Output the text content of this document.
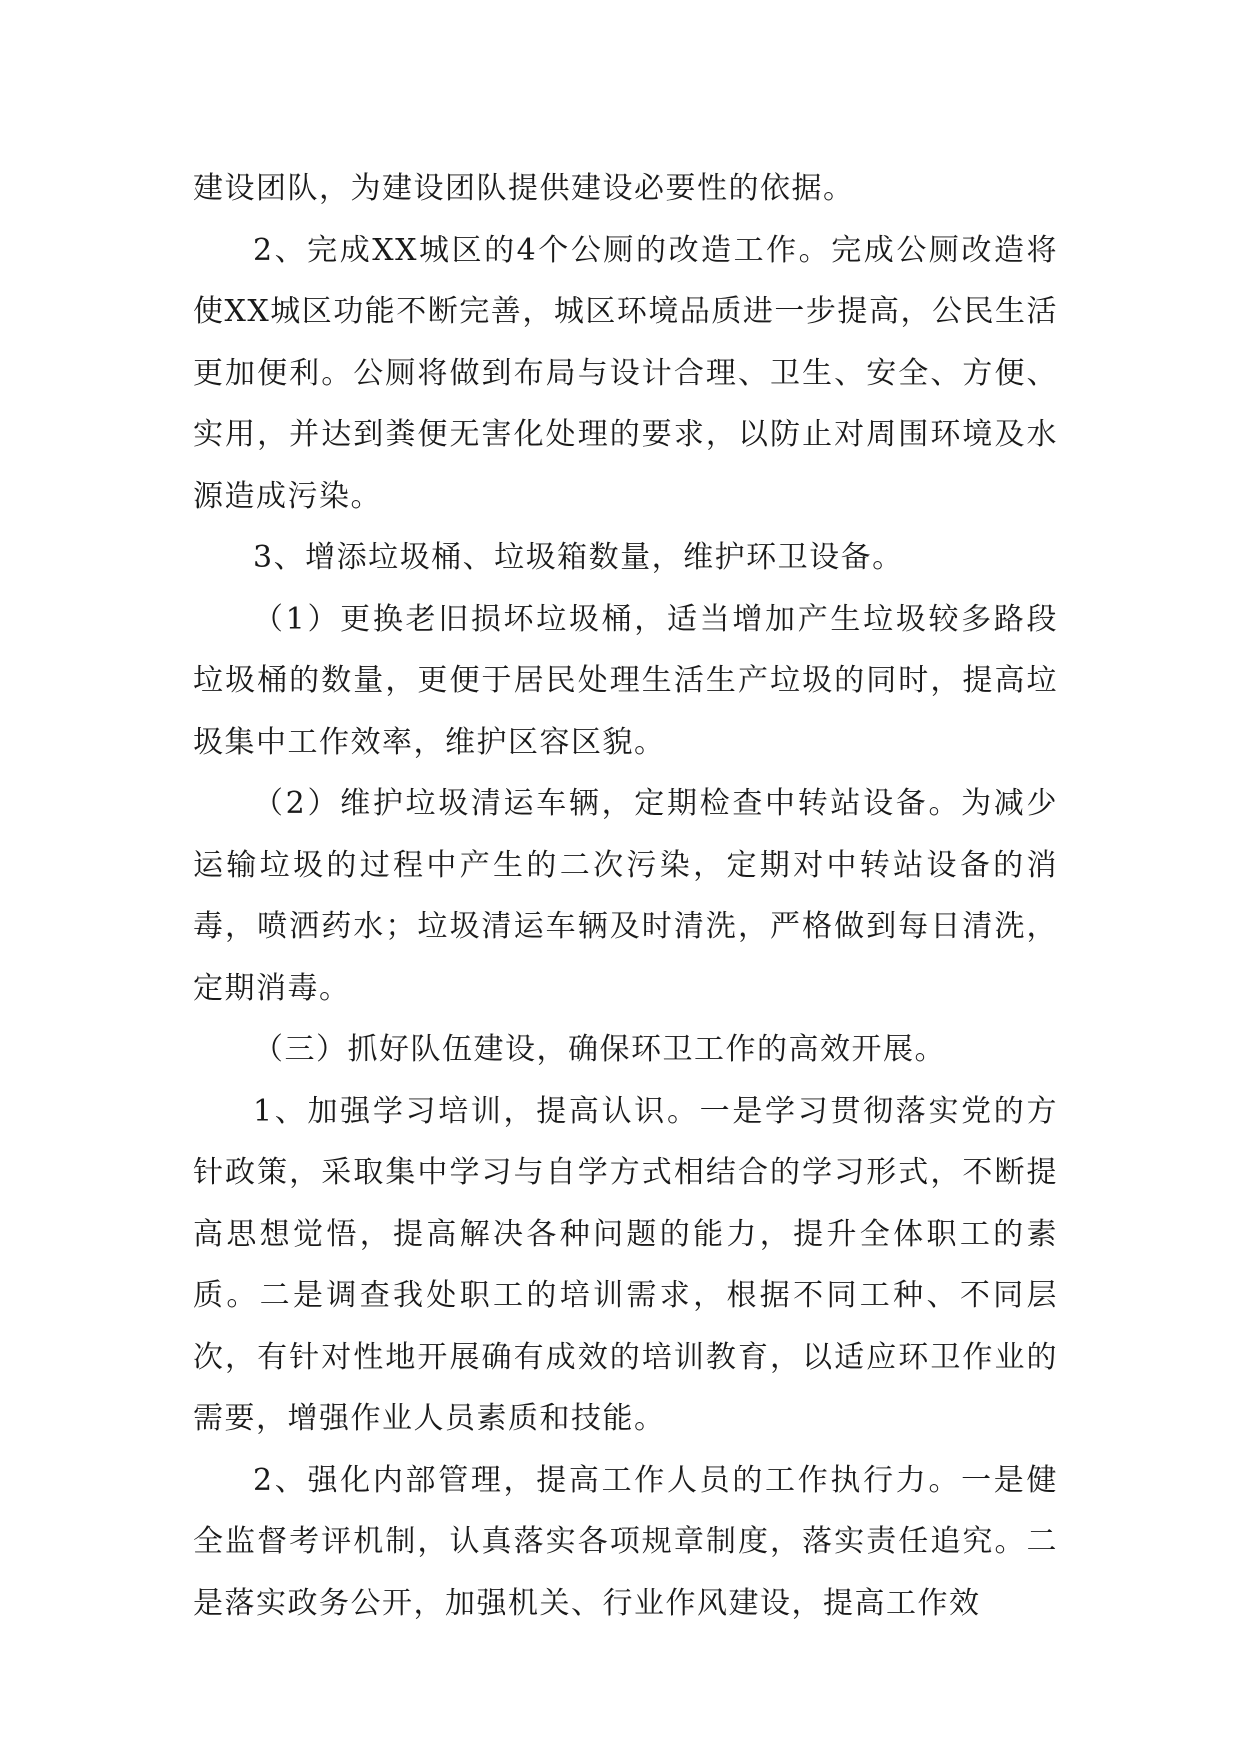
建设团队，为建设团队提供建设必要性的依据。

2、完成XX城区的4个公厕的改造工作。完成公厕改造将使XX城区功能不断完善，城区环境品质进一步提高，公民生活更加便利。公厕将做到布局与设计合理、卫生、安全、方便、实用，并达到粪便无害化处理的要求，以防止对周围环境及水源造成污染。

3、增添垃圾桶、垃圾箱数量，维护环卫设备。

（1）更换老旧损坏垃圾桶，适当增加产生垃圾较多路段垃圾桶的数量，更便于居民处理生活生产垃圾的同时，提高垃圾集中工作效率，维护区容区貌。

（2）维护垃圾清运车辆，定期检查中转站设备。为减少运输垃圾的过程中产生的二次污染，定期对中转站设备的消毒，喷洒药水；垃圾清运车辆及时清洗，严格做到每日清洗，定期消毒。

（三）抓好队伍建设，确保环卫工作的高效开展。

1、加强学习培训，提高认识。一是学习贯彻落实党的方针政策，采取集中学习与自学方式相结合的学习形式，不断提高思想觉悟，提高解决各种问题的能力，提升全体职工的素质。二是调查我处职工的培训需求，根据不同工种、不同层次，有针对性地开展确有成效的培训教育，以适应环卫作业的需要，增强作业人员素质和技能。

2、强化内部管理，提高工作人员的工作执行力。一是健全监督考评机制，认真落实各项规章制度，落实责任追究。二是落实政务公开，加强机关、行业作风建设，提高工作效
